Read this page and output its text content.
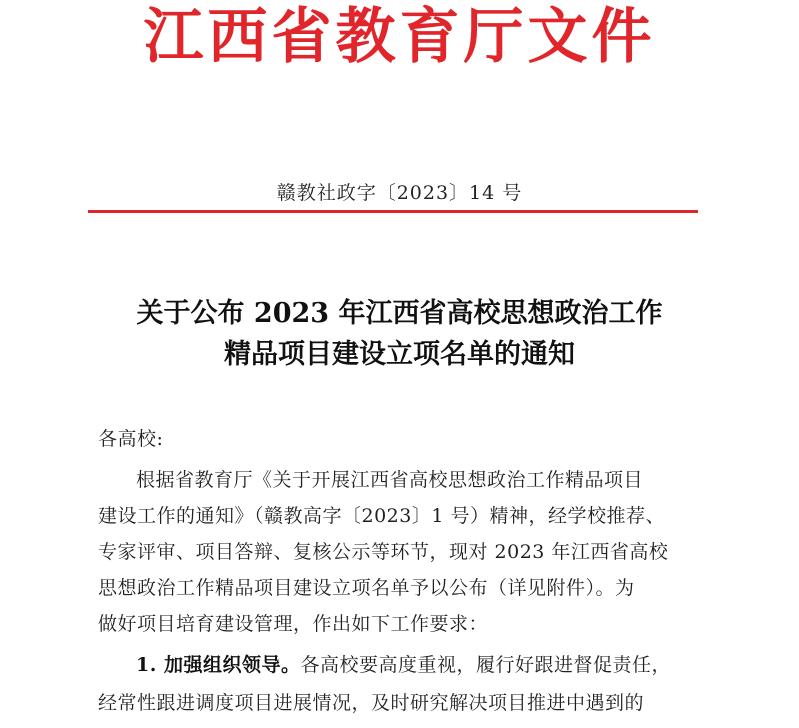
江西省教育厅文件
赣教社政字〔2023〕14 号
关于公布 2023 年江西省高校思想政治工作
精品项目建设立项名单的通知
各高校:
根据省教育厅《关于开展江西省高校思想政治工作精品项目
建设工作的通知》（赣教高字〔2023〕1 号）精神，经学校推荐、
专家评审、项目答辩、复核公示等环节，现对 2023 年江西省高校
思想政治工作精品项目建设立项名单予以公布（详见附件）。为
做好项目培育建设管理，作出如下工作要求：
1. 加强组织领导。各高校要高度重视，履行好跟进督促责任，
经常性跟进调度项目进展情况，及时研究解决项目推进中遇到的
